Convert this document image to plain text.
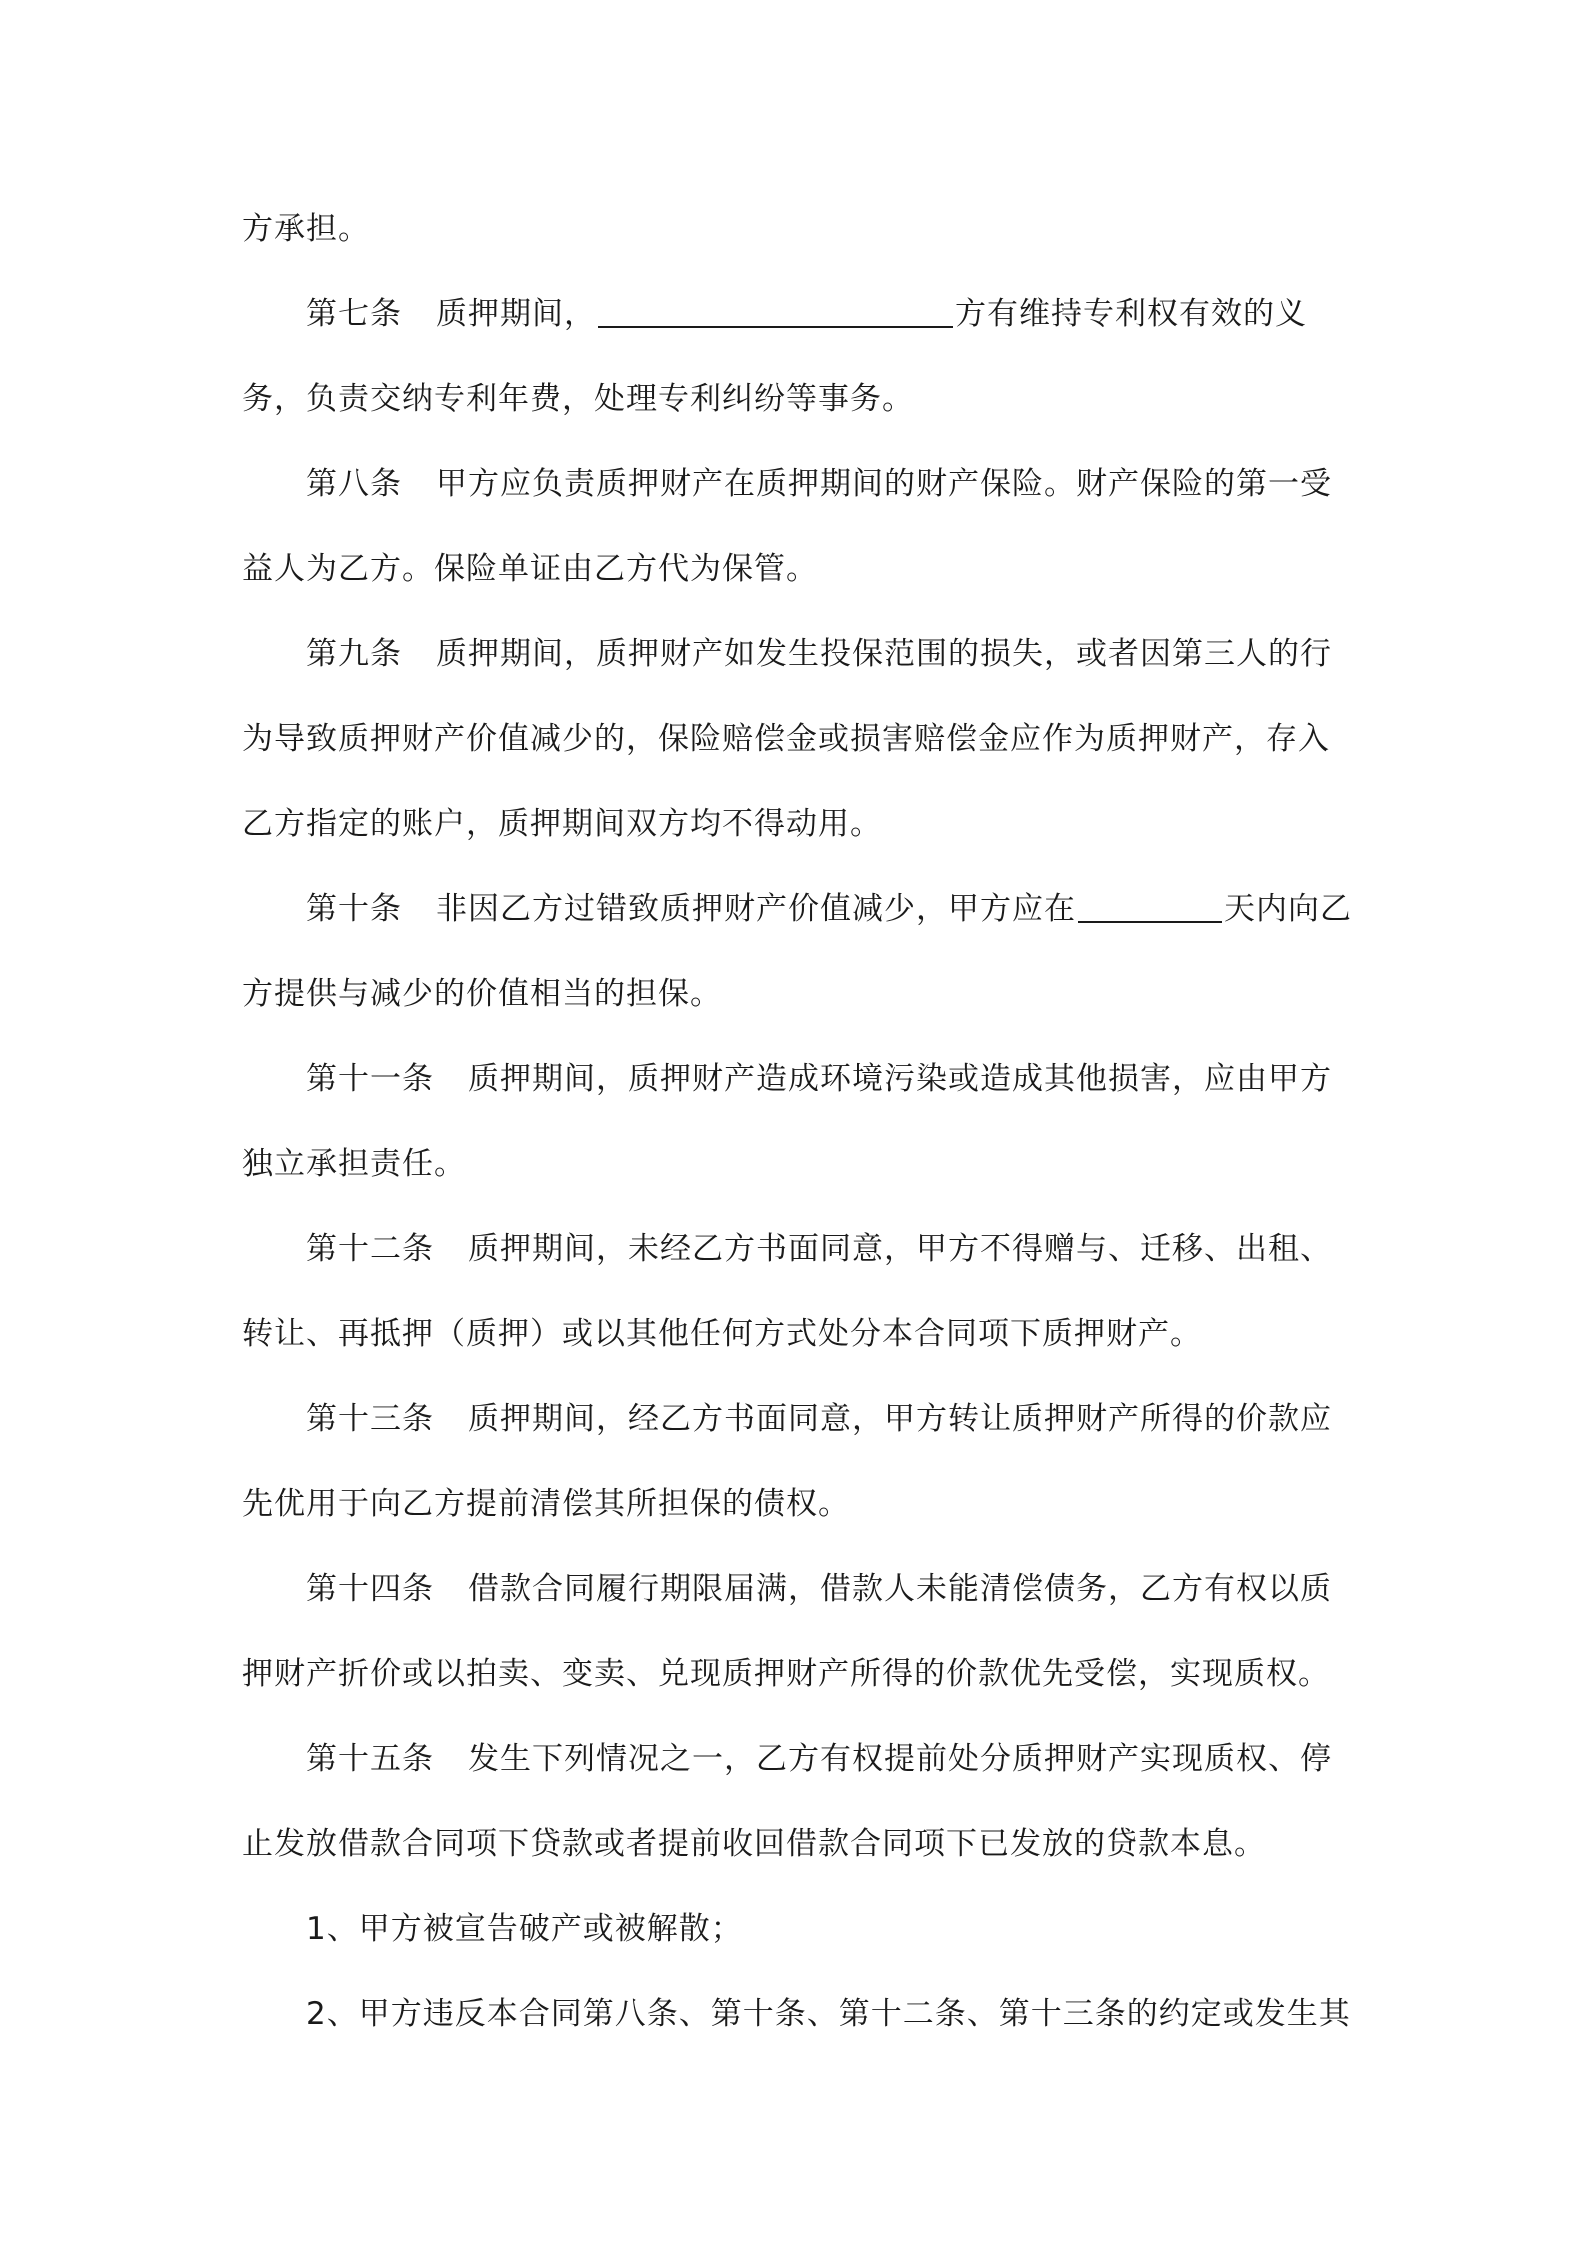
方承担。
第七条 质押期间，	方有维持专利权有效的义
务，负责交纳专利年费，处理专利纠纷等事务。
第八条 甲方应负责质押财产在质押期间的财产保险。财产保险的第一受
益人为乙方。保险单证由乙方代为保管。
第九条 质押期间，质押财产如发生投保范围的损失，或者因第三人的行
为导致质押财产价值减少的，保险赔偿金或损害赔偿金应作为质押财产，存入
乙方指定的账户，质押期间双方均不得动用。
第十条 非因乙方过错致质押财产价值减少，甲方应在	天内向乙
方提供与减少的价值相当的担保。
第十一条 质押期间，质押财产造成环境污染或造成其他损害，应由甲方
独立承担责任。
第十二条 质押期间，未经乙方书面同意，甲方不得赠与、迁移、出租、
转让、再抵押（质押）或以其他任何方式处分本合同项下质押财产。
第十三条 质押期间，经乙方书面同意，甲方转让质押财产所得的价款应
先优用于向乙方提前清偿其所担保的债权。
第十四条 借款合同履行期限届满，借款人未能清偿债务，乙方有权以质
押财产折价或以拍卖、变卖、兑现质押财产所得的价款优先受偿，实现质权。
第十五条 发生下列情况之一，乙方有权提前处分质押财产实现质权、停
止发放借款合同项下贷款或者提前收回借款合同项下已发放的贷款本息。
1、甲方被宣告破产或被解散；
2、甲方违反本合同第八条、第十条、第十二条、第十三条的约定或发生其
